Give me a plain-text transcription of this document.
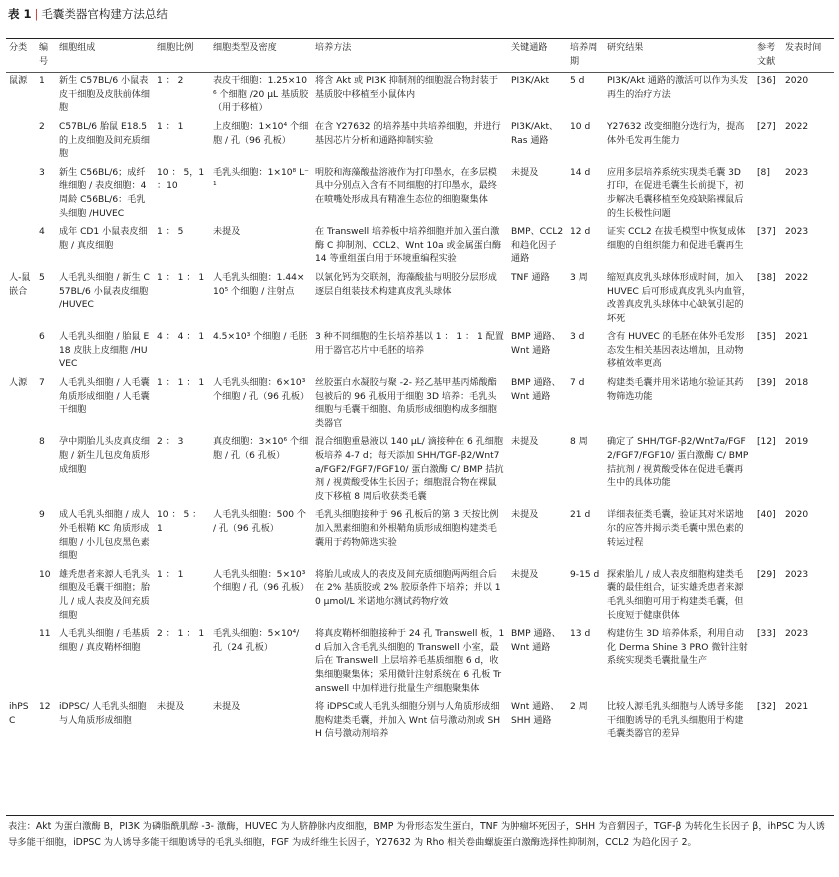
表 1 | 毛囊类器官构建方法总结
分类	编号	细胞组成	细胞比例	细胞类型及密度	培养方法	关键通路	培养周期	研究结果	参考文献	发表时间
鼠源	1	新生 C57BL/6 小鼠表皮干细胞及皮肤前体细胞	1 ： 2	表皮干细胞：1.25×10⁶ 个细胞 /20 μL 基质胶（用于移植）	将含 Akt 或 PI3K 抑制剂的细胞混合物封装于基质胶中移植至小鼠体内	PI3K/Akt	5 d	PI3K/Akt 通路的激活可以作为头发再生的治疗方法	[36]	2020
	2	C57BL/6 胎鼠 E18.5 的上皮细胞及间充质细胞	1 ： 1	上皮细胞：1×10⁴ 个细胞 / 孔（96 孔板）	在含 Y27632 的培养基中共培养细胞，并进行基因芯片分析和通路抑制实验	PI3K/Akt、Ras 通路	10 d	Y27632 改变细胞分选行为，提高体外毛发再生能力	[27]	2022
	3	新生 C56BL/6；成纤维细胞 / 表皮细胞：4 周龄 C56BL/6：毛乳头细胞 /HUVEC	10 ： 5，1 ：10	毛乳头细胞：1×10⁸ L⁻¹	明胶和海藻酸盐溶液作为打印墨水，在多层模具中分别点入含有不同细胞的打印墨水，最终在喷嘴处形成具有精准生态位的细胞聚集体	未提及	14 d	应用多层培养系统实现类毛囊 3D 打印，在促进毛囊生长前提下，初步解决毛囊移植至免疫缺陷裸鼠后的生长极性问题	[8]	2023
	4	成年 CD1 小鼠表皮细胞 / 真皮细胞	1 ： 5	未提及	在 Transwell 培养板中培养细胞并加入蛋白激酶 C 抑制剂、CCL2、Wnt 10a 或金属蛋白酶 14 等重组蛋白用于环境重编程实验	BMP、CCL2 和趋化因子通路	12 d	证实 CCL2 在拔毛模型中恢复成体细胞的自组织能力和促进毛囊再生	[37]	2023
人-鼠嵌合	5	人毛乳头细胞 / 新生 C57BL/6 小鼠表皮细胞 /HUVEC	1 ： 1 ： 1	人毛乳头细胞：1.44×10⁵ 个细胞 / 注射点	以氯化钙为交联剂，海藻酸盐与明胶分层形成逐层自组装技术构建真皮乳头球体	TNF 通路	3 周	缩短真皮乳头球体形成时间，加入 HUVEC 后可形成真皮乳头内血管，改善真皮乳头球体中心缺氧引起的坏死	[38]	2022
	6	人毛乳头细胞 / 胎鼠 E18 皮肤上皮细胞 /HUVEC	4 ： 4 ： 1	4.5×10³ 个细胞 / 毛胚	3 种不同细胞的生长培养基以 1 ： 1 ： 1 配置用于器官芯片中毛胚的培养	BMP 通路、Wnt 通路	3 d	含有 HUVEC 的毛胚在体外毛发形态发生相关基因表达增加，且动物移植效率更高	[35]	2021
人源	7	人毛乳头细胞 / 人毛囊角质形成细胞 / 人毛囊干细胞	1 ： 1 ： 1	人毛乳头细胞：6×10³ 个细胞 / 孔（96 孔板）	丝胶蛋白水凝胶与聚 -2- 羟乙基甲基丙烯酸酯包被后的 96 孔板用于细胞 3D 培养：毛乳头细胞与毛囊干细胞、角质形成细胞构成多细胞类器官	BMP 通路、Wnt 通路	7 d	构建类毛囊并用米诺地尔验证其药物筛选功能	[39]	2018
	8	孕中期胎儿头皮真皮细胞 / 新生儿包皮角质形成细胞	2 ： 3	真皮细胞：3×10⁶ 个细胞 / 孔（6 孔板）	混合细胞重悬液以 140 μL/ 滴接种在 6 孔细胞板培养 4-7 d；每天添加 SHH/TGF-β2/Wnt7a/FGF2/FGF7/FGF10/ 蛋白激酶 C/ BMP 拮抗剂 / 视黄酸受体生长因子；细胞混合物在裸鼠皮下移植 8 周后收获类毛囊	未提及	8 周	确定了 SHH/TGF-β2/Wnt7a/FGF2/FGF7/FGF10/ 蛋白激酶 C/ BMP 拮抗剂 / 视黄酸受体在促进毛囊再生中的具体功能	[12]	2019
	9	成人毛乳头细胞 / 成人外毛根鞘 KC 角质形成细胞 / 小儿包皮黑色素细胞	10 ： 5 ： 1	人毛乳头细胞：500 个 / 孔（96 孔板）	毛乳头细胞接种于 96 孔板后的第 3 天按比例加入黑素细胞和外根鞘角质形成细胞构建类毛囊用于药物筛选实验	未提及	21 d	详细表征类毛囊，验证其对米诺地尔的应答并揭示类毛囊中黑色素的转运过程	[40]	2020
	10	雄秃患者来源人毛乳头细胞及毛囊干细胞；胎儿 / 成人表皮及间充质细胞	1 ： 1	人毛乳头细胞：5×10³ 个细胞 / 孔（96 孔板）	将胎儿或成人的表皮及间充质细胞两两组合后在 2% 基质胶或 2% 胶原条件下培养；并以 10 μmol/L 米诺地尔测试药物疗效	未提及	9-15 d	探索胎儿 / 成人表皮细胞构建类毛囊的最佳组合，证实雄秃患者来源毛乳头细胞可用于构建类毛囊，但长度短于健康供体	[29]	2023
	11	人毛乳头细胞 / 毛基质细胞 / 真皮鞘杯细胞	2 ： 1 ： 1	毛乳头细胞：5×10⁴/ 孔（24 孔板）	将真皮鞘杯细胞接种于 24 孔 Transwell 板，1 d 后加入含毛乳头细胞的 Transwell 小室，最后在 Transwell 上层培养毛基质细胞 6 d，收集细胞聚集体；采用微针注射系统在 6 孔板 Transwell 中加样进行批量生产细胞聚集体	BMP 通路、Wnt 通路	13 d	构建仿生 3D 培养体系，利用自动化 Derma Shine 3 PRO 微针注射系统实现类毛囊批量生产	[33]	2023
ihPSC	12	iDPSC/ 人毛乳头细胞与人角质形成细胞	未提及	未提及	将 iDPSC或人毛乳头细胞分别与人角质形成细胞构建类毛囊，并加入 Wnt 信号激动剂或 SHH 信号激动剂培养	Wnt 通路、SHH 通路	2 周	比较人源毛乳头细胞与人诱导多能干细胞诱导的毛乳头细胞用于构建毛囊类器官的差异	[32]	2021
表注：Akt 为蛋白激酶 B，PI3K 为磷脂酰肌醇 -3- 激酶，HUVEC 为人脐静脉内皮细胞，BMP 为骨形态发生蛋白，TNF 为肿瘤坏死因子，SHH 为音猬因子，TGF-β 为转化生长因子 β，ihPSC 为人诱导多能干细胞，iDPSC 为人诱导多能干细胞诱导的毛乳头细胞，FGF 为成纤维生长因子，Y27632 为 Rho 相关卷曲螺旋蛋白激酶选择性抑制剂，CCL2 为趋化因子 2。
